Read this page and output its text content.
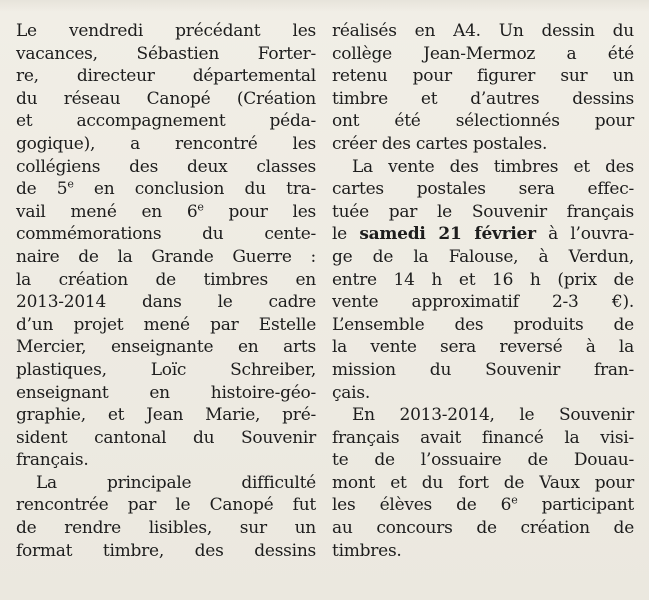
Le vendredi précédant les
vacances, Sébastien Forter-
re, directeur départemental
du réseau Canopé (Création
et accompagnement péda-
gogique), a rencontré les
collégiens des deux classes
de 5e en conclusion du tra-
vail mené en 6e pour les
commémorations du cente-
naire de la Grande Guerre :
la création de timbres en
2013-2014 dans le cadre
d’un projet mené par Estelle
Mercier, enseignante en arts
plastiques, Loïc Schreiber,
enseignant en histoire-géo-
graphie, et Jean Marie, pré-
sident cantonal du Souvenir
français.
La principale difficulté
rencontrée par le Canopé fut
de rendre lisibles, sur un
format timbre, des dessins
réalisés en A4. Un dessin du
collège Jean-Mermoz a été
retenu pour figurer sur un
timbre et d’autres dessins
ont été sélectionnés pour
créer des cartes postales.
La vente des timbres et des
cartes postales sera effec-
tuée par le Souvenir français
le samedi 21 février à l’ouvra-
ge de la Falouse, à Verdun,
entre 14 h et 16 h (prix de
vente approximatif 2-3 €).
L’ensemble des produits de
la vente sera reversé à la
mission du Souvenir fran-
çais.
En 2013-2014, le Souvenir
français avait financé la visi-
te de l’ossuaire de Douau-
mont et du fort de Vaux pour
les élèves de 6e participant
au concours de création de
timbres.
